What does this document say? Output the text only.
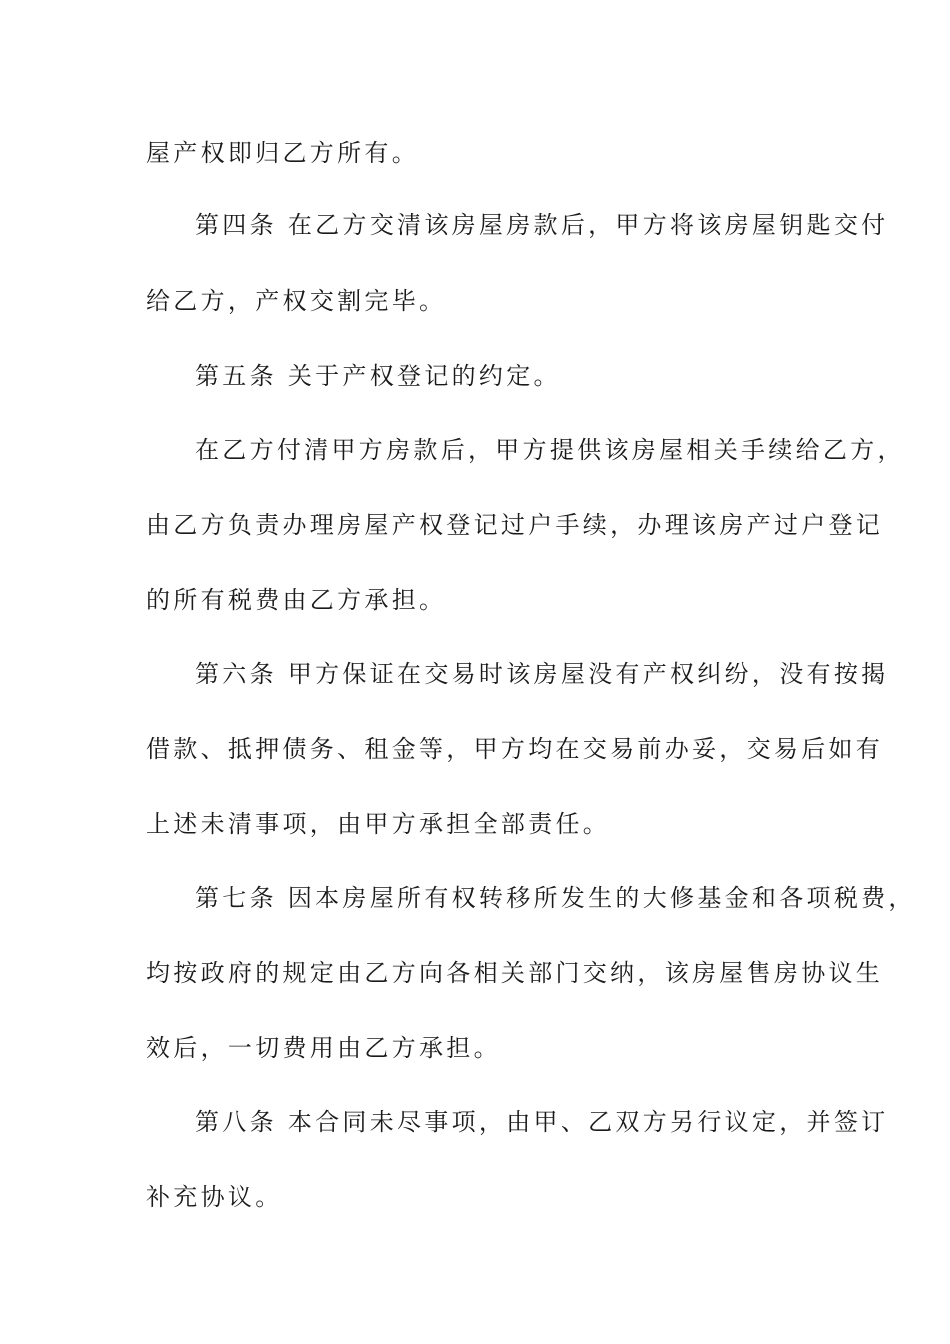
屋产权即归乙方所有。
第四条 在乙方交清该房屋房款后，甲方将该房屋钥匙交付
给乙方，产权交割完毕。
第五条 关于产权登记的约定。
在乙方付清甲方房款后，甲方提供该房屋相关手续给乙方，
由乙方负责办理房屋产权登记过户手续，办理该房产过户登记
的所有税费由乙方承担。
第六条 甲方保证在交易时该房屋没有产权纠纷，没有按揭
借款、抵押债务、租金等，甲方均在交易前办妥，交易后如有
上述未清事项，由甲方承担全部责任。
第七条 因本房屋所有权转移所发生的大修基金和各项税费，
均按政府的规定由乙方向各相关部门交纳，该房屋售房协议生
效后，一切费用由乙方承担。
第八条 本合同未尽事项，由甲、乙双方另行议定，并签订
补充协议。
